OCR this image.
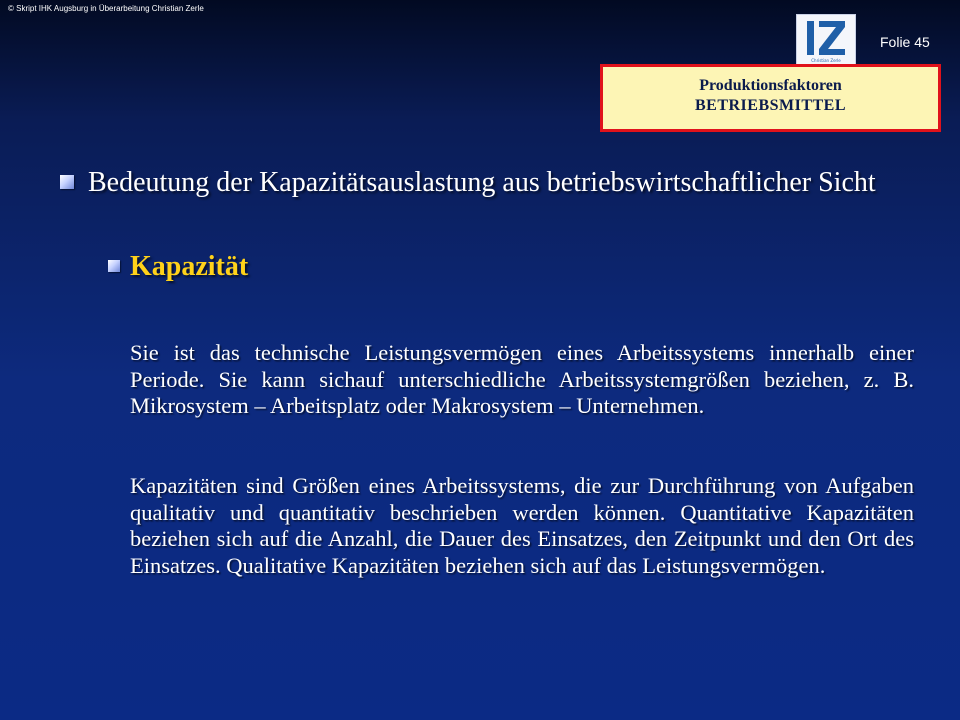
© Skript IHK Augsburg in Überarbeitung Christian Zerle
Christian Zerle
Folie 45
Produktionsfaktoren
BETRIEBSMITTEL
Bedeutung der Kapazitätsauslastung aus betriebswirtschaftlicher Sicht
Kapazität
Sie ist das technische Leistungsvermögen eines Arbeitssystems innerhalb einer Periode. Sie kann sichauf unterschiedliche Arbeitssystemgrößen beziehen, z. B. Mikrosystem – Arbeitsplatz oder Makrosystem – Unternehmen.
Kapazitäten sind Größen eines Arbeitssystems, die zur Durchführung von Aufgaben qualitativ und quantitativ beschrieben werden können. Quantitative Kapazitäten beziehen sich auf die Anzahl, die Dauer des Einsatzes, den Zeitpunkt und den Ort des Einsatzes. Qualitative Kapazitäten beziehen sich auf das Leistungsvermögen.
